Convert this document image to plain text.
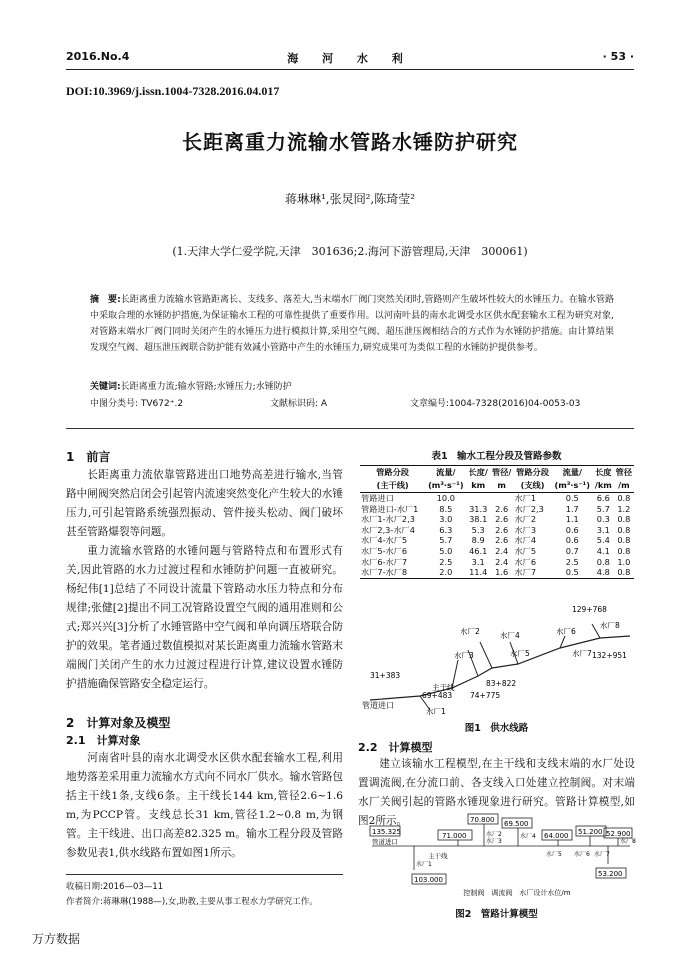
2016.No.4	海 河 水 利	· 53 ·
DOI:10.3969/j.issn.1004-7328.2016.04.017
长距离重力流输水管路水锤防护研究
蒋琳琳¹,张炅冏²,陈琦莹²
(1.天津大学仁爱学院,天津　301636;2.海河下游管理局,天津　300061)
摘　要:长距离重力流输水管路距离长、支线多、落差大,当末端水厂阀门突然关闭时,管路则产生破坏性较大的水锤压力。在输水管路中采取合理的水锤防护措施,为保证输水工程的可靠性提供了重要作用。以河南叶县的南水北调受水区供水配套输水工程为研究对象,对管路末端水厂阀门同时关闭产生的水锤压力进行模拟计算,采用空气阀、超压泄压阀相结合的方式作为水锤防护措施。由计算结果发现空气阀、超压泄压阀联合防护能有效减小管路中产生的水锤压力,研究成果可为类似工程的水锤防护提供参考。
关键词:长距离重力流;输水管路;水锤压力;水锤防护
中图分类号: TV672⁺.2	文献标识码: A	文章编号:1004-7328(2016)04-0053-03
1　前言
长距离重力流依靠管路进出口地势高差进行输水,当管路中闸阀突然启闭会引起管内流速突然变化产生较大的水锤压力,可引起管路系统强烈振动、管件接头松动、阀门破坏甚至管路爆裂等问题。
重力流输水管路的水锤问题与管路特点和布置形式有关,因此管路的水力过渡过程和水锤防护问题一直被研究。杨纪伟[1]总结了不同设计流量下管路动水压力特点和分布规律;张健[2]提出不同工况管路设置空气阀的通用准则和公式;郑兴兴[3]分析了水锤管路中空气阀和单向调压塔联合防护的效果。笔者通过数值模拟对某长距离重力流输水管路末端阀门关闭产生的水力过渡过程进行计算,建议设置水锤防护措施确保管路安全稳定运行。
2　计算对象及模型
2.1　计算对象
河南省叶县的南水北调受水区供水配套输水工程,利用地势落差采用重力流输水方式向不同水厂供水。输水管路包括主干线1条,支线6条。主干线长144 km,管径2.6~1.6 m,为PCCP管。支线总长31 km,管径1.2~0.8 m,为钢管。主干线进、出口高差82.325 m。输水工程分段及管路参数见表1,供水线路布置如图1所示。
收稿日期:2016—03—11
作者简介:蒋琳琳(1988—),女,助教,主要从事工程水力学研究工作。
表1　输水工程分段及管路参数
管路分段	流量/	长度/	管径/	管路分段	流量/	长度	管径
(主干线)	(m³·s⁻¹)	km	m	(支线)	(m³·s⁻¹)	/km	/m
管路进口	10.0			水厂1	0.5	6.6	0.8
管路进口-水厂1	8.5	31.3	2.6	水厂2,3	1.7	5.7	1.2
水厂1-水厂2,3	3.0	38.1	2.6	水厂2	1.1	0.3	0.8
水厂2,3-水厂4	6.3	5.3	2.6	水厂3	0.6	3.1	0.8
水厂4-水厂5	5.7	8.9	2.6	水厂4	0.6	5.4	0.8
水厂5-水厂6	5.0	46.1	2.4	水厂5	0.7	4.1	0.8
水厂6-水厂7	2.5	3.1	2.4	水厂6	2.5	0.8	1.0
水厂7-水厂8	2.0	11.4	1.6	水厂7	0.5	4.8	0.8
管道进口
主干线
31+383
69+483 74+775
83+822
129+768
132+951
水厂1
水厂2
水厂3
水厂4
水厂5
水厂6
水厂7
水厂8
图1　供水线路
2.2　计算模型
建立该输水工程模型,在主干线和支线末端的水厂处设置调流阀,在分流口前、各支线入口处建立控制阀。对末端水厂关阀引起的管路水锤现象进行研究。管路计算模型,如图2所示。
135.325	71.000
70.800 69.500
64.000 51.200 52.900
103.000
53.200
管道进口
主干线
水厂1
水厂2
水厂3
水厂4
水厂5 水厂6 水厂7
水厂8
控制阀　调流阀　水厂设计水位/m
图2　管路计算模型
万方数据
